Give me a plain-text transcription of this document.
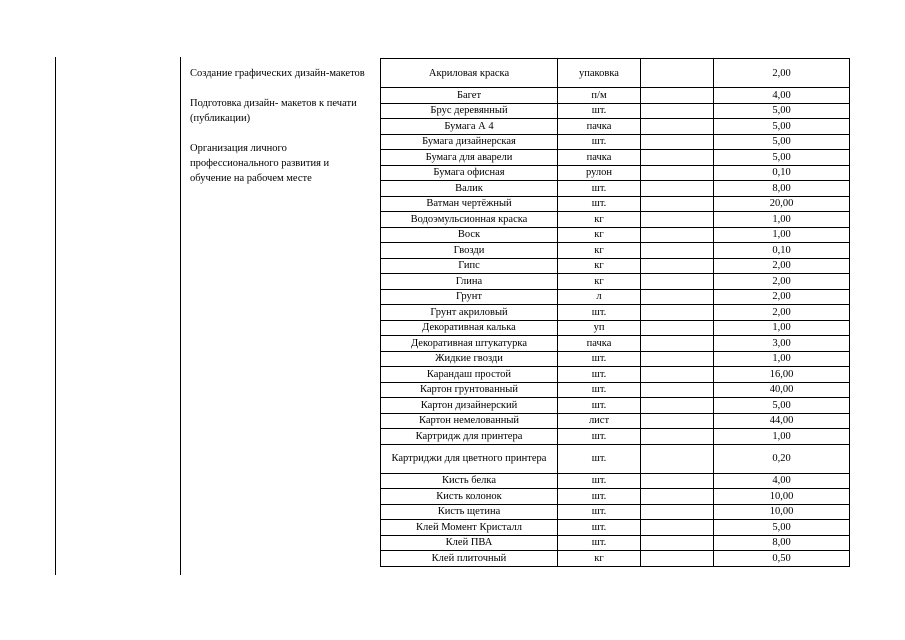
Создание графических дизайн-макетов

Подготовка дизайн- макетов к печати (публикации)

Организация личного профессионального развития и обучение на рабочем месте

Акриловая краска	упаковка		2,00
Багет	п/м		4,00
Брус деревянный	шт.		5,00
Бумага А 4	пачка		5,00
Бумага дизайнерская	шт.		5,00
Бумага для аварели	пачка		5,00
Бумага офисная	рулон		0,10
Валик	шт.		8,00
Ватман чертёжный	шт.		20,00
Водоэмульсионная краска	кг		1,00
Воск	кг		1,00
Гвозди	кг		0,10
Гипс	кг		2,00
Глина	кг		2,00
Грунт	л		2,00
Грунт акриловый	шт.		2,00
Декоративная калька	уп		1,00
Декоративная штукатурка	пачка		3,00
Жидкие гвозди	шт.		1,00
Карандаш простой	шт.		16,00
Картон грунтованный	шт.		40,00
Картон дизайнерский	шт.		5,00
Картон немелованный	лист		44,00
Картридж для принтера	шт.		1,00
Картриджи для цветного принтера	шт.		0,20
Кисть белка	шт.		4,00
Кисть колонок	шт.		10,00
Кисть щетина	шт.		10,00
Клей Момент Кристалл	шт.		5,00
Клей ПВА	шт.		8,00
Клей плиточный	кг		0,50
